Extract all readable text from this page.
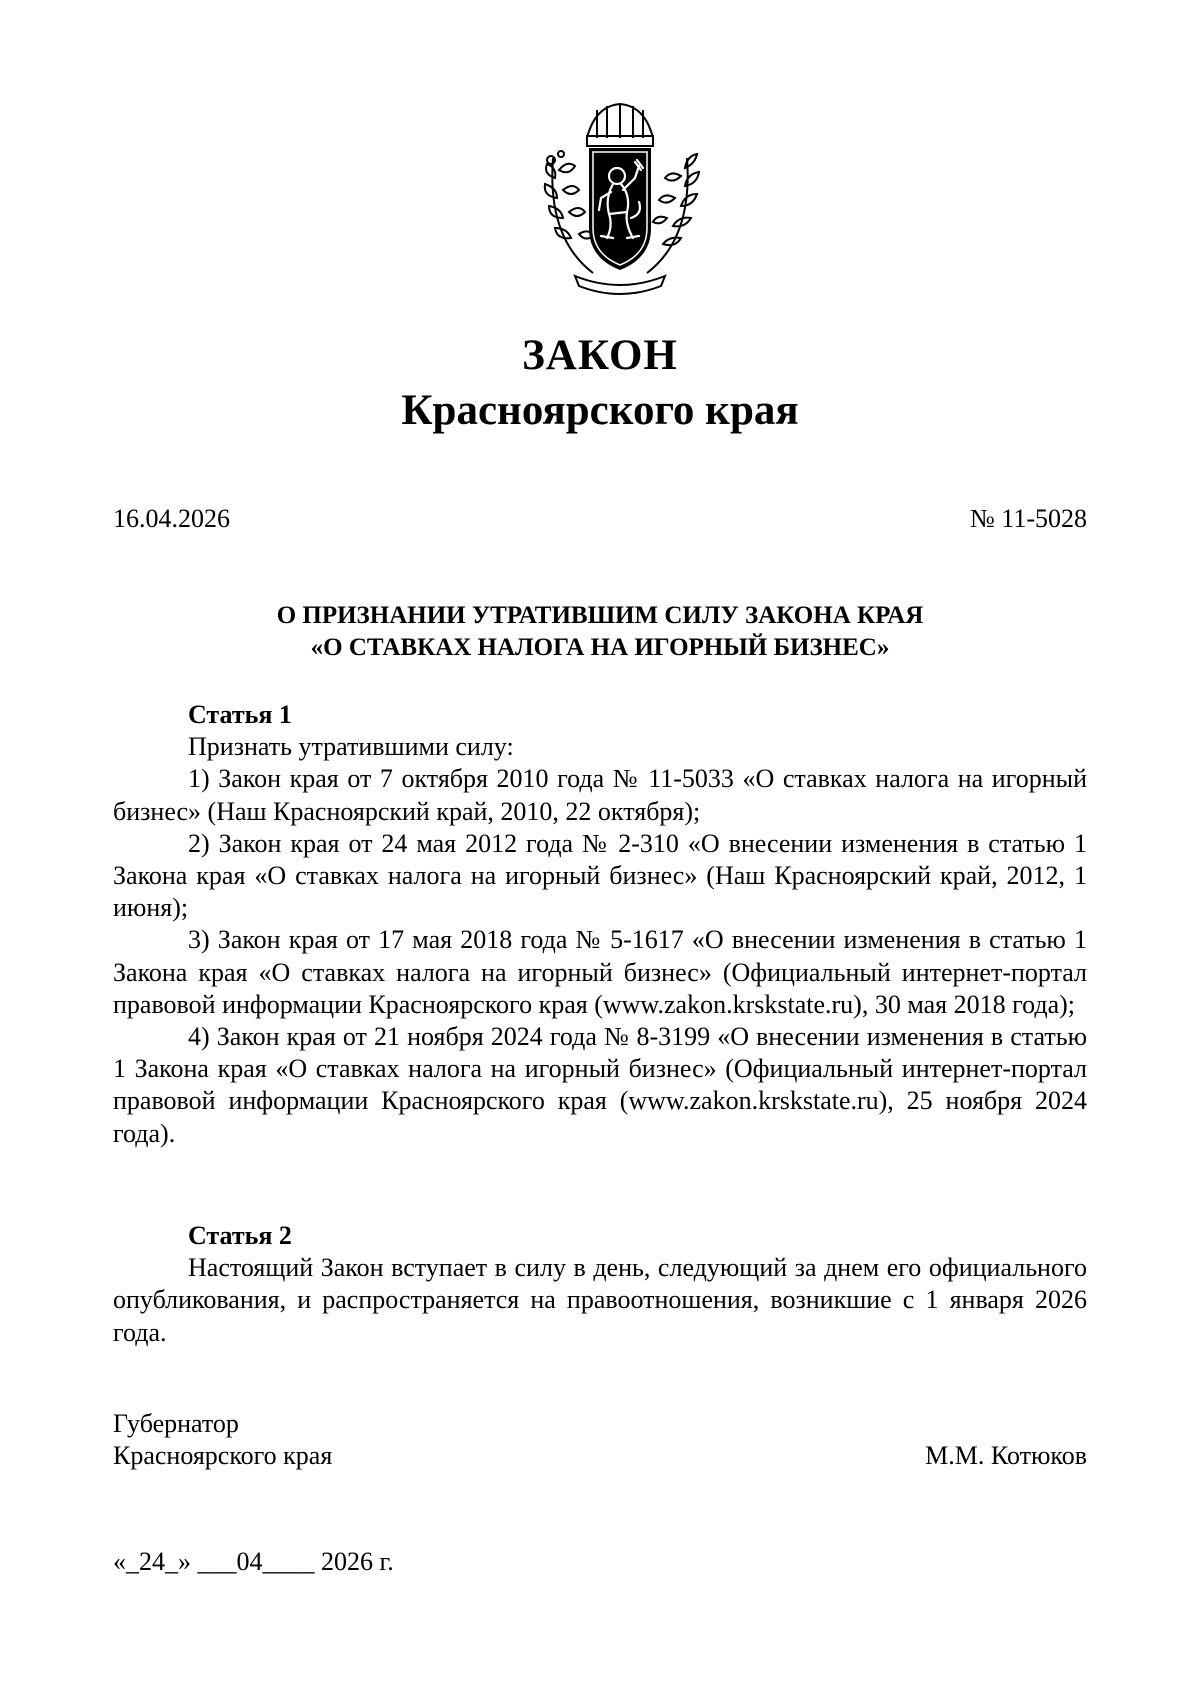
ЗАКОН
Красноярского края
16.04.2026	№ 11-5028
О ПРИЗНАНИИ УТРАТИВШИМ СИЛУ ЗАКОНА КРАЯ
«О СТАВКАХ НАЛОГА НА ИГОРНЫЙ БИЗНЕС»

Статья 1

Признать утратившими силу:

1) Закон края от 7 октября 2010 года № 11-5033 «О ставках налога на игорный бизнес» (Наш Красноярский край, 2010, 22 октября);

2) Закон края от 24 мая 2012 года № 2-310 «О внесении изменения в статью 1 Закона края «О ставках налога на игорный бизнес» (Наш Красноярский край, 2012, 1 июня);

3) Закон края от 17 мая 2018 года № 5-1617 «О внесении изменения в статью 1 Закона края «О ставках налога на игорный бизнес» (Официальный интернет-портал правовой информации Красноярского края (www.zakon.krskstate.ru), 30 мая 2018 года);

4) Закон края от 21 ноября 2024 года № 8-3199 «О внесении изменения в статью 1 Закона края «О ставках налога на игорный бизнес» (Официальный интернет-портал правовой информации Красноярского края (www.zakon.krskstate.ru), 25 ноября 2024 года).

Статья 2

Настоящий Закон вступает в силу в день, следующий за днем его официального опубликования, и распространяется на правоотношения, возникшие с 1 января 2026 года.

Губернатор
Красноярского края	М.М. Котюков
«_24_» ___04____ 2026 г.
